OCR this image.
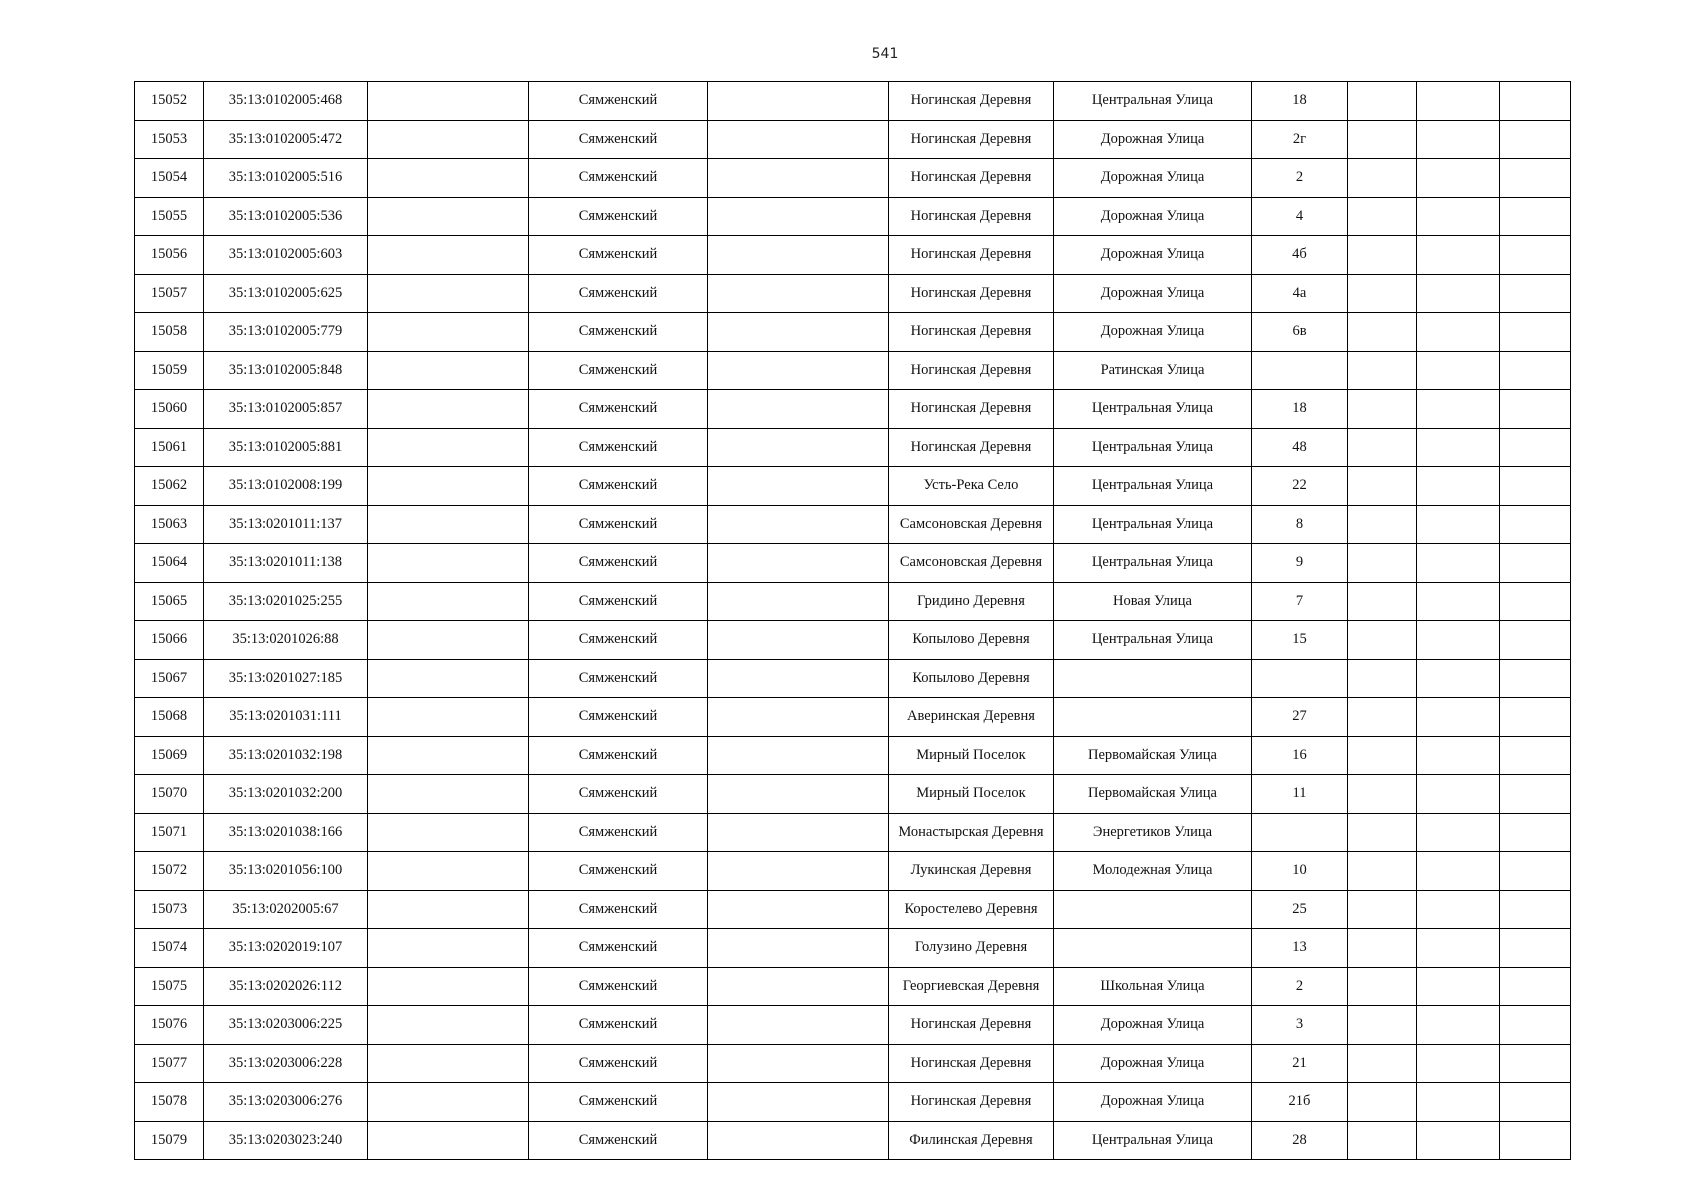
541
15052	35:13:0102005:468		Сямженский		Ногинская Деревня	Центральная Улица	18			
15053	35:13:0102005:472		Сямженский		Ногинская Деревня	Дорожная Улица	2г			
15054	35:13:0102005:516		Сямженский		Ногинская Деревня	Дорожная Улица	2			
15055	35:13:0102005:536		Сямженский		Ногинская Деревня	Дорожная Улица	4			
15056	35:13:0102005:603		Сямженский		Ногинская Деревня	Дорожная Улица	4б			
15057	35:13:0102005:625		Сямженский		Ногинская Деревня	Дорожная Улица	4а			
15058	35:13:0102005:779		Сямженский		Ногинская Деревня	Дорожная Улица	6в			
15059	35:13:0102005:848		Сямженский		Ногинская Деревня	Ратинская Улица				
15060	35:13:0102005:857		Сямженский		Ногинская Деревня	Центральная Улица	18			
15061	35:13:0102005:881		Сямженский		Ногинская Деревня	Центральная Улица	48			
15062	35:13:0102008:199		Сямженский		Усть-Река Село	Центральная Улица	22			
15063	35:13:0201011:137		Сямженский		Самсоновская Деревня	Центральная Улица	8			
15064	35:13:0201011:138		Сямженский		Самсоновская Деревня	Центральная Улица	9			
15065	35:13:0201025:255		Сямженский		Гридино Деревня	Новая Улица	7			
15066	35:13:0201026:88		Сямженский		Копылово Деревня	Центральная Улица	15			
15067	35:13:0201027:185		Сямженский		Копылово Деревня					
15068	35:13:0201031:111		Сямженский		Аверинская Деревня		27			
15069	35:13:0201032:198		Сямженский		Мирный Поселок	Первомайская Улица	16			
15070	35:13:0201032:200		Сямженский		Мирный Поселок	Первомайская Улица	11			
15071	35:13:0201038:166		Сямженский		Монастырская Деревня	Энергетиков Улица				
15072	35:13:0201056:100		Сямженский		Лукинская Деревня	Молодежная Улица	10			
15073	35:13:0202005:67		Сямженский		Коростелево Деревня		25			
15074	35:13:0202019:107		Сямженский		Голузино Деревня		13			
15075	35:13:0202026:112		Сямженский		Георгиевская Деревня	Школьная Улица	2			
15076	35:13:0203006:225		Сямженский		Ногинская Деревня	Дорожная Улица	3			
15077	35:13:0203006:228		Сямженский		Ногинская Деревня	Дорожная Улица	21			
15078	35:13:0203006:276		Сямженский		Ногинская Деревня	Дорожная Улица	21б			
15079	35:13:0203023:240		Сямженский		Филинская Деревня	Центральная Улица	28			
